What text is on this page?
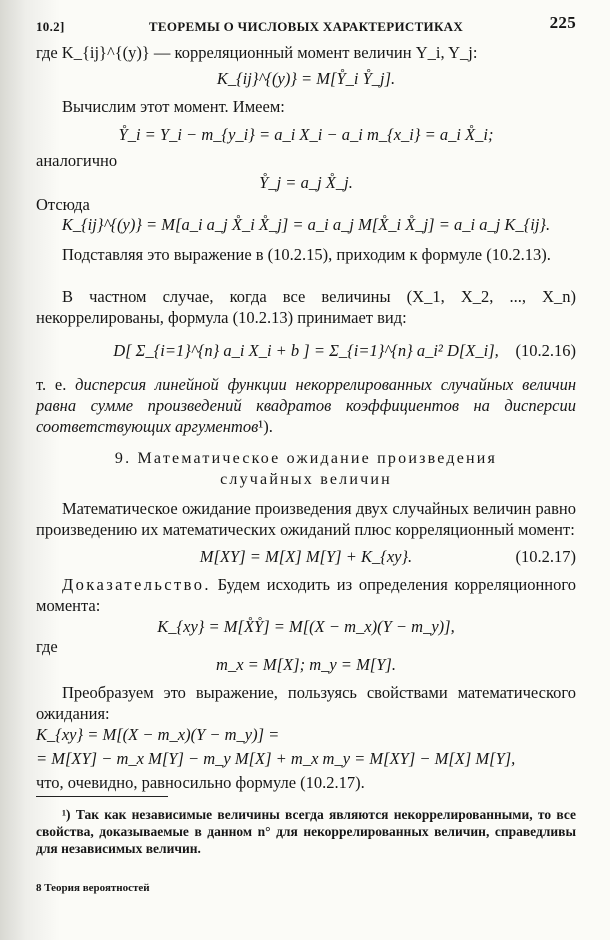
10.2]	ТЕОРЕМЫ О ЧИСЛОВЫХ ХАРАКТЕРИСТИКАХ	225
где K_{ij}^{(y)} — корреляционный момент величин Y_i, Y_j:
K_{ij}^{(y)} = M[Y̊_i Y̊_j].
Вычислим этот момент. Имеем:
Y̊_i = Y_i − m_{y_i} = a_i X_i − a_i m_{x_i} = a_i X̊_i;
аналогично
Y̊_j = a_j X̊_j.
Отсюда
K_{ij}^{(y)} = M[a_i a_j X̊_i X̊_j] = a_i a_j M[X̊_i X̊_j] = a_i a_j K_{ij}.
Подставляя это выражение в (10.2.15), приходим к формуле (10.2.13).
В частном случае, когда все величины (X_1, X_2, ..., X_n) некоррелированы, формула (10.2.13) принимает вид:
D[ Σ_{i=1}^{n} a_i X_i + b ] = Σ_{i=1}^{n} a_i² D[X_i], (10.2.16)
т. е. дисперсия линейной функции некоррелированных случайных величин равна сумме произведений квадратов коэффициентов на дисперсии соответствующих аргументов¹).
9. Математическое ожидание произведения
случайных величин
Математическое ожидание произведения двух случайных величин равно произведению их математических ожиданий плюс корреляционный момент:
M[XY] = M[X] M[Y] + K_{xy}.	(10.2.17)
Доказательство. Будем исходить из определения корреляционного момента:
K_{xy} = M[X̊Y̊] = M[(X − m_x)(Y − m_y)],
где
m_x = M[X]; m_y = M[Y].
Преобразуем это выражение, пользуясь свойствами математического ожидания:
K_{xy} = M[(X − m_x)(Y − m_y)] =
= M[XY] − m_x M[Y] − m_y M[X] + m_x m_y = M[XY] − M[X] M[Y],
что, очевидно, равносильно формуле (10.2.17).
¹) Так как независимые величины всегда являются некоррелированными, то все свойства, доказываемые в данном n° для некоррелированных величин, справедливы для независимых величин.
8 Теория вероятностей
